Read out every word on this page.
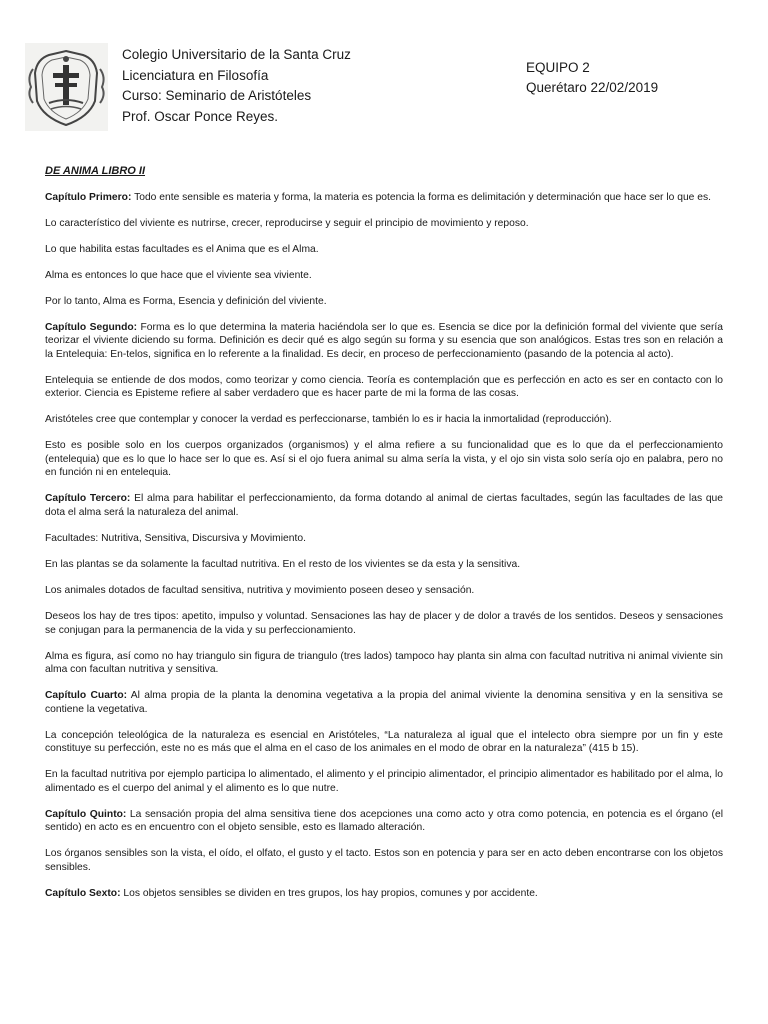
Colegio Universitario de la Santa Cruz
Licenciatura en Filosofía
Curso: Seminario de Aristóteles
Prof. Oscar Ponce Reyes.
EQUIPO 2
Querétaro 22/02/2019
DE ANIMA LIBRO II

Capítulo Primero: Todo ente sensible es materia y forma, la materia es potencia la forma es delimitación y determinación que hace ser lo que es.

Lo característico del viviente es nutrirse, crecer, reproducirse y seguir el principio de movimiento y reposo.

Lo que habilita estas facultades es el Anima que es el Alma.

Alma es entonces lo que hace que el viviente sea viviente.

Por lo tanto, Alma es Forma, Esencia y definición del viviente.

Capítulo Segundo: Forma es lo que determina la materia haciéndola ser lo que es. Esencia se dice por la definición formal del viviente que sería teorizar el viviente diciendo su forma. Definición es decir qué es algo según su forma y su esencia que son analógicos. Estas tres son en relación a la Entelequia: En-telos, significa en lo referente a la finalidad. Es decir, en proceso de perfeccionamiento (pasando de la potencia al acto).

Entelequia se entiende de dos modos, como teorizar y como ciencia. Teoría es contemplación que es perfección en acto es ser en contacto con lo exterior. Ciencia es Episteme refiere al saber verdadero que es hacer parte de mi la forma de las cosas.

Aristóteles cree que contemplar y conocer la verdad es perfeccionarse, también lo es ir hacia la inmortalidad (reproducción).

Esto es posible solo en los cuerpos organizados (organismos) y el alma refiere a su funcionalidad que es lo que da el perfeccionamiento (entelequia) que es lo que lo hace ser lo que es. Así si el ojo fuera animal su alma sería la vista, y el ojo sin vista solo sería ojo en palabra, pero no en función ni en entelequia.

Capítulo Tercero: El alma para habilitar el perfeccionamiento, da forma dotando al animal de ciertas facultades, según las facultades de las que dota el alma será la naturaleza del animal.

Facultades: Nutritiva, Sensitiva, Discursiva y Movimiento.

En las plantas se da solamente la facultad nutritiva. En el resto de los vivientes se da esta y la sensitiva.

Los animales dotados de facultad sensitiva, nutritiva y movimiento poseen deseo y sensación.

Deseos los hay de tres tipos: apetito, impulso y voluntad. Sensaciones las hay de placer y de dolor a través de los sentidos. Deseos y sensaciones se conjugan para la permanencia de la vida y su perfeccionamiento.

Alma es figura, así como no hay triangulo sin figura de triangulo (tres lados) tampoco hay planta sin alma con facultad nutritiva ni animal viviente sin alma con facultan nutritiva y sensitiva.

Capítulo Cuarto: Al alma propia de la planta la denomina vegetativa a la propia del animal viviente la denomina sensitiva y en la sensitiva se contiene la vegetativa.

La concepción teleológica de la naturaleza es esencial en Aristóteles, “La naturaleza al igual que el intelecto obra siempre por un fin y este constituye su perfección, este no es más que el alma en el caso de los animales en el modo de obrar en la naturaleza” (415 b 15).

En la facultad nutritiva por ejemplo participa lo alimentado, el alimento y el principio alimentador, el principio alimentador es habilitado por el alma, lo alimentado es el cuerpo del animal y el alimento es lo que nutre.

Capítulo Quinto: La sensación propia del alma sensitiva tiene dos acepciones una como acto y otra como potencia, en potencia es el órgano (el sentido) en acto es en encuentro con el objeto sensible, esto es llamado alteración.

Los órganos sensibles son la vista, el oído, el olfato, el gusto y el tacto. Estos son en potencia y para ser en acto deben encontrarse con los objetos sensibles.

Capítulo Sexto: Los objetos sensibles se dividen en tres grupos, los hay propios, comunes y por accidente.
